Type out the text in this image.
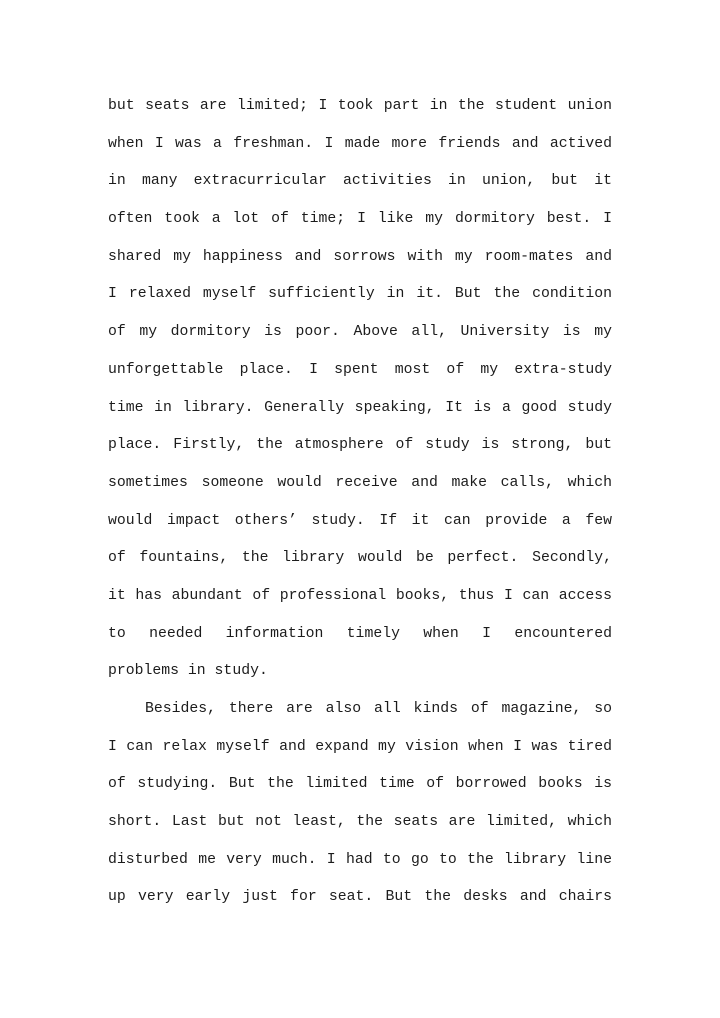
but seats are limited; I took part in the student union
when I was a freshman. I made more friends and actived
in many extracurricular activities in union, but it
often took a lot of time; I like my dormitory best. I
shared my happiness and sorrows with my room-mates and
I relaxed myself sufficiently in it. But the condition
of my dormitory is poor. Above all, University is my
unforgettable place. I spent most of my extra-study
time in library. Generally speaking, It is a good study
place. Firstly, the atmosphere of study is strong, but
sometimes someone would receive and make calls, which
would impact others’ study. If it can provide a few
of fountains, the library would be perfect. Secondly,
it has abundant of professional books, thus I can access
to needed information timely when I encountered
problems in study.
Besides, there are also all kinds of magazine, so
I can relax myself and expand my vision when I was tired
of studying. But the limited time of borrowed books is
short. Last but not least, the seats are limited, which
disturbed me very much. I had to go to the library line
up very early just for seat. But the desks and chairs
